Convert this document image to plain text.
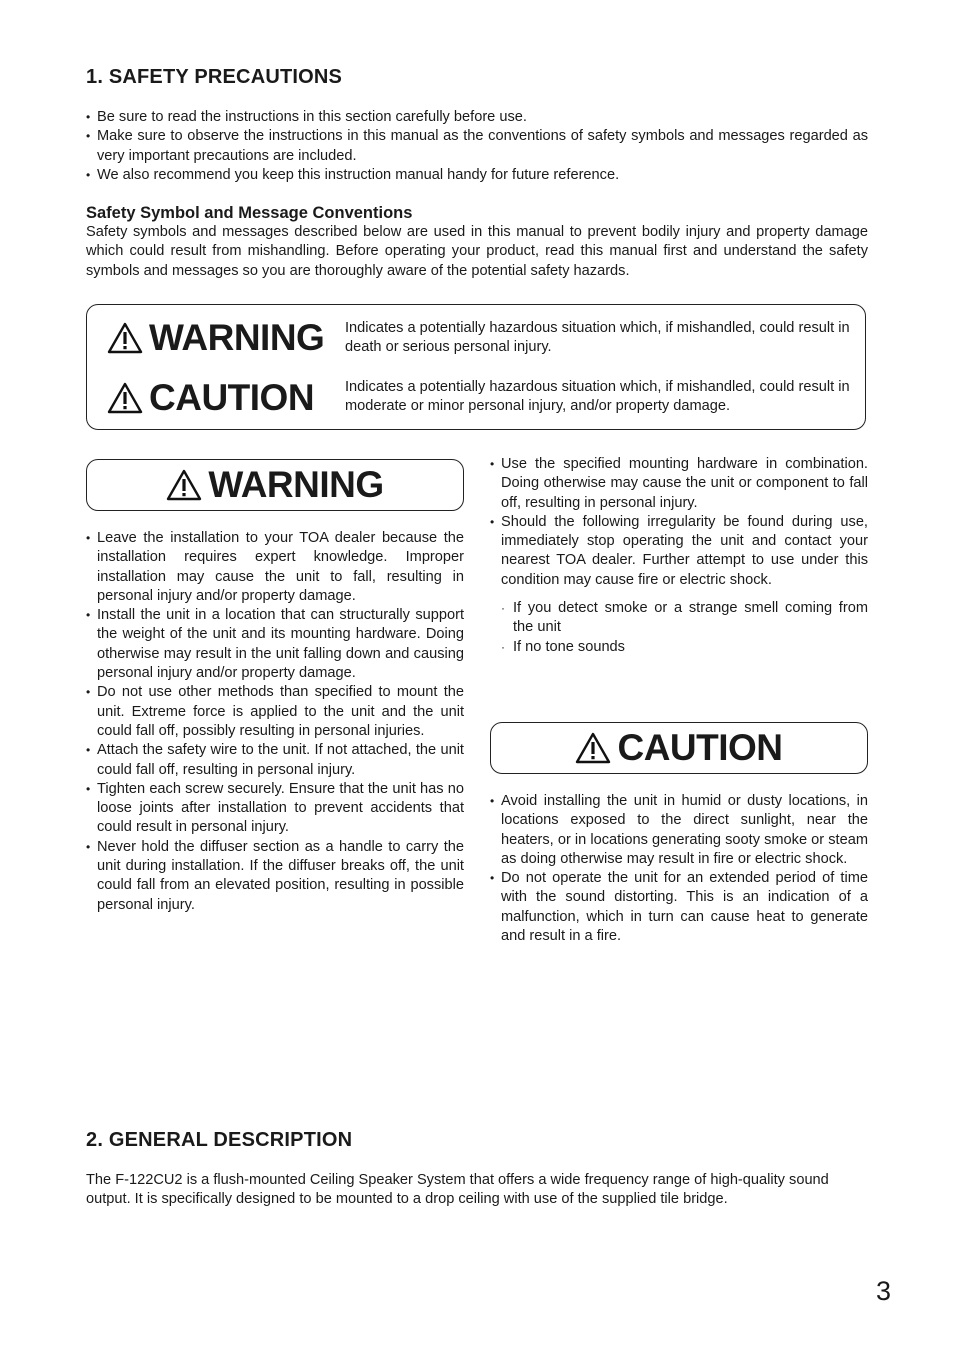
1. SAFETY PRECAUTIONS
• Be sure to read the instructions in this section carefully before use.
• Make sure to observe the instructions in this manual as the conventions of safety symbols and messages regarded as very important precautions are included.
• We also recommend you keep this instruction manual handy for future reference.

Safety Symbol and Message Conventions

Safety symbols and messages described below are used in this manual to prevent bodily injury and property damage which could result from mishandling. Before operating your product, read this manual first and understand the safety symbols and messages so you are thoroughly aware of the potential safety hazards.

WARNING Indicates a potentially hazardous situation which, if mishandled, could result in death or serious personal injury.

CAUTION Indicates a potentially hazardous situation which, if mishandled, could result in moderate or minor personal injury, and/or property damage.

WARNING
• Leave the installation to your TOA dealer because the installation requires expert knowledge. Improper installation may cause the unit to fall, resulting in personal injury and/or property damage.
• Install the unit in a location that can structurally support the weight of the unit and its mounting hardware. Doing otherwise may result in the unit falling down and causing personal injury and/or property damage.
• Do not use other methods than specified to mount the unit. Extreme force is applied to the unit and the unit could fall off, possibly resulting in personal injuries.
• Attach the safety wire to the unit. If not attached, the unit could fall off, resulting in personal injury.
• Tighten each screw securely. Ensure that the unit has no loose joints after installation to prevent accidents that could result in personal injury.
• Never hold the diffuser section as a handle to carry the unit during installation. If the diffuser breaks off, the unit could fall from an elevated position, resulting in possible personal injury.
• Use the specified mounting hardware in combination. Doing otherwise may cause the unit or component to fall off, resulting in personal injury.
• Should the following irregularity be found during use, immediately stop operating the unit and contact your nearest TOA dealer. Further attempt to use under this condition may cause fire or electric shock.
· If you detect smoke or a strange smell coming from the unit
· If no tone sounds
CAUTION
• Avoid installing the unit in humid or dusty locations, in locations exposed to the direct sunlight, near the heaters, or in locations generating sooty smoke or steam as doing otherwise may result in fire or electric shock.
• Do not operate the unit for an extended period of time with the sound distorting. This is an indication of a malfunction, which in turn can cause heat to generate and result in a fire.
2. GENERAL DESCRIPTION

The F-122CU2 is a flush-mounted Ceiling Speaker System that offers a wide frequency range of high-quality sound output. It is specifically designed to be mounted to a drop ceiling with use of the supplied tile bridge.

3
